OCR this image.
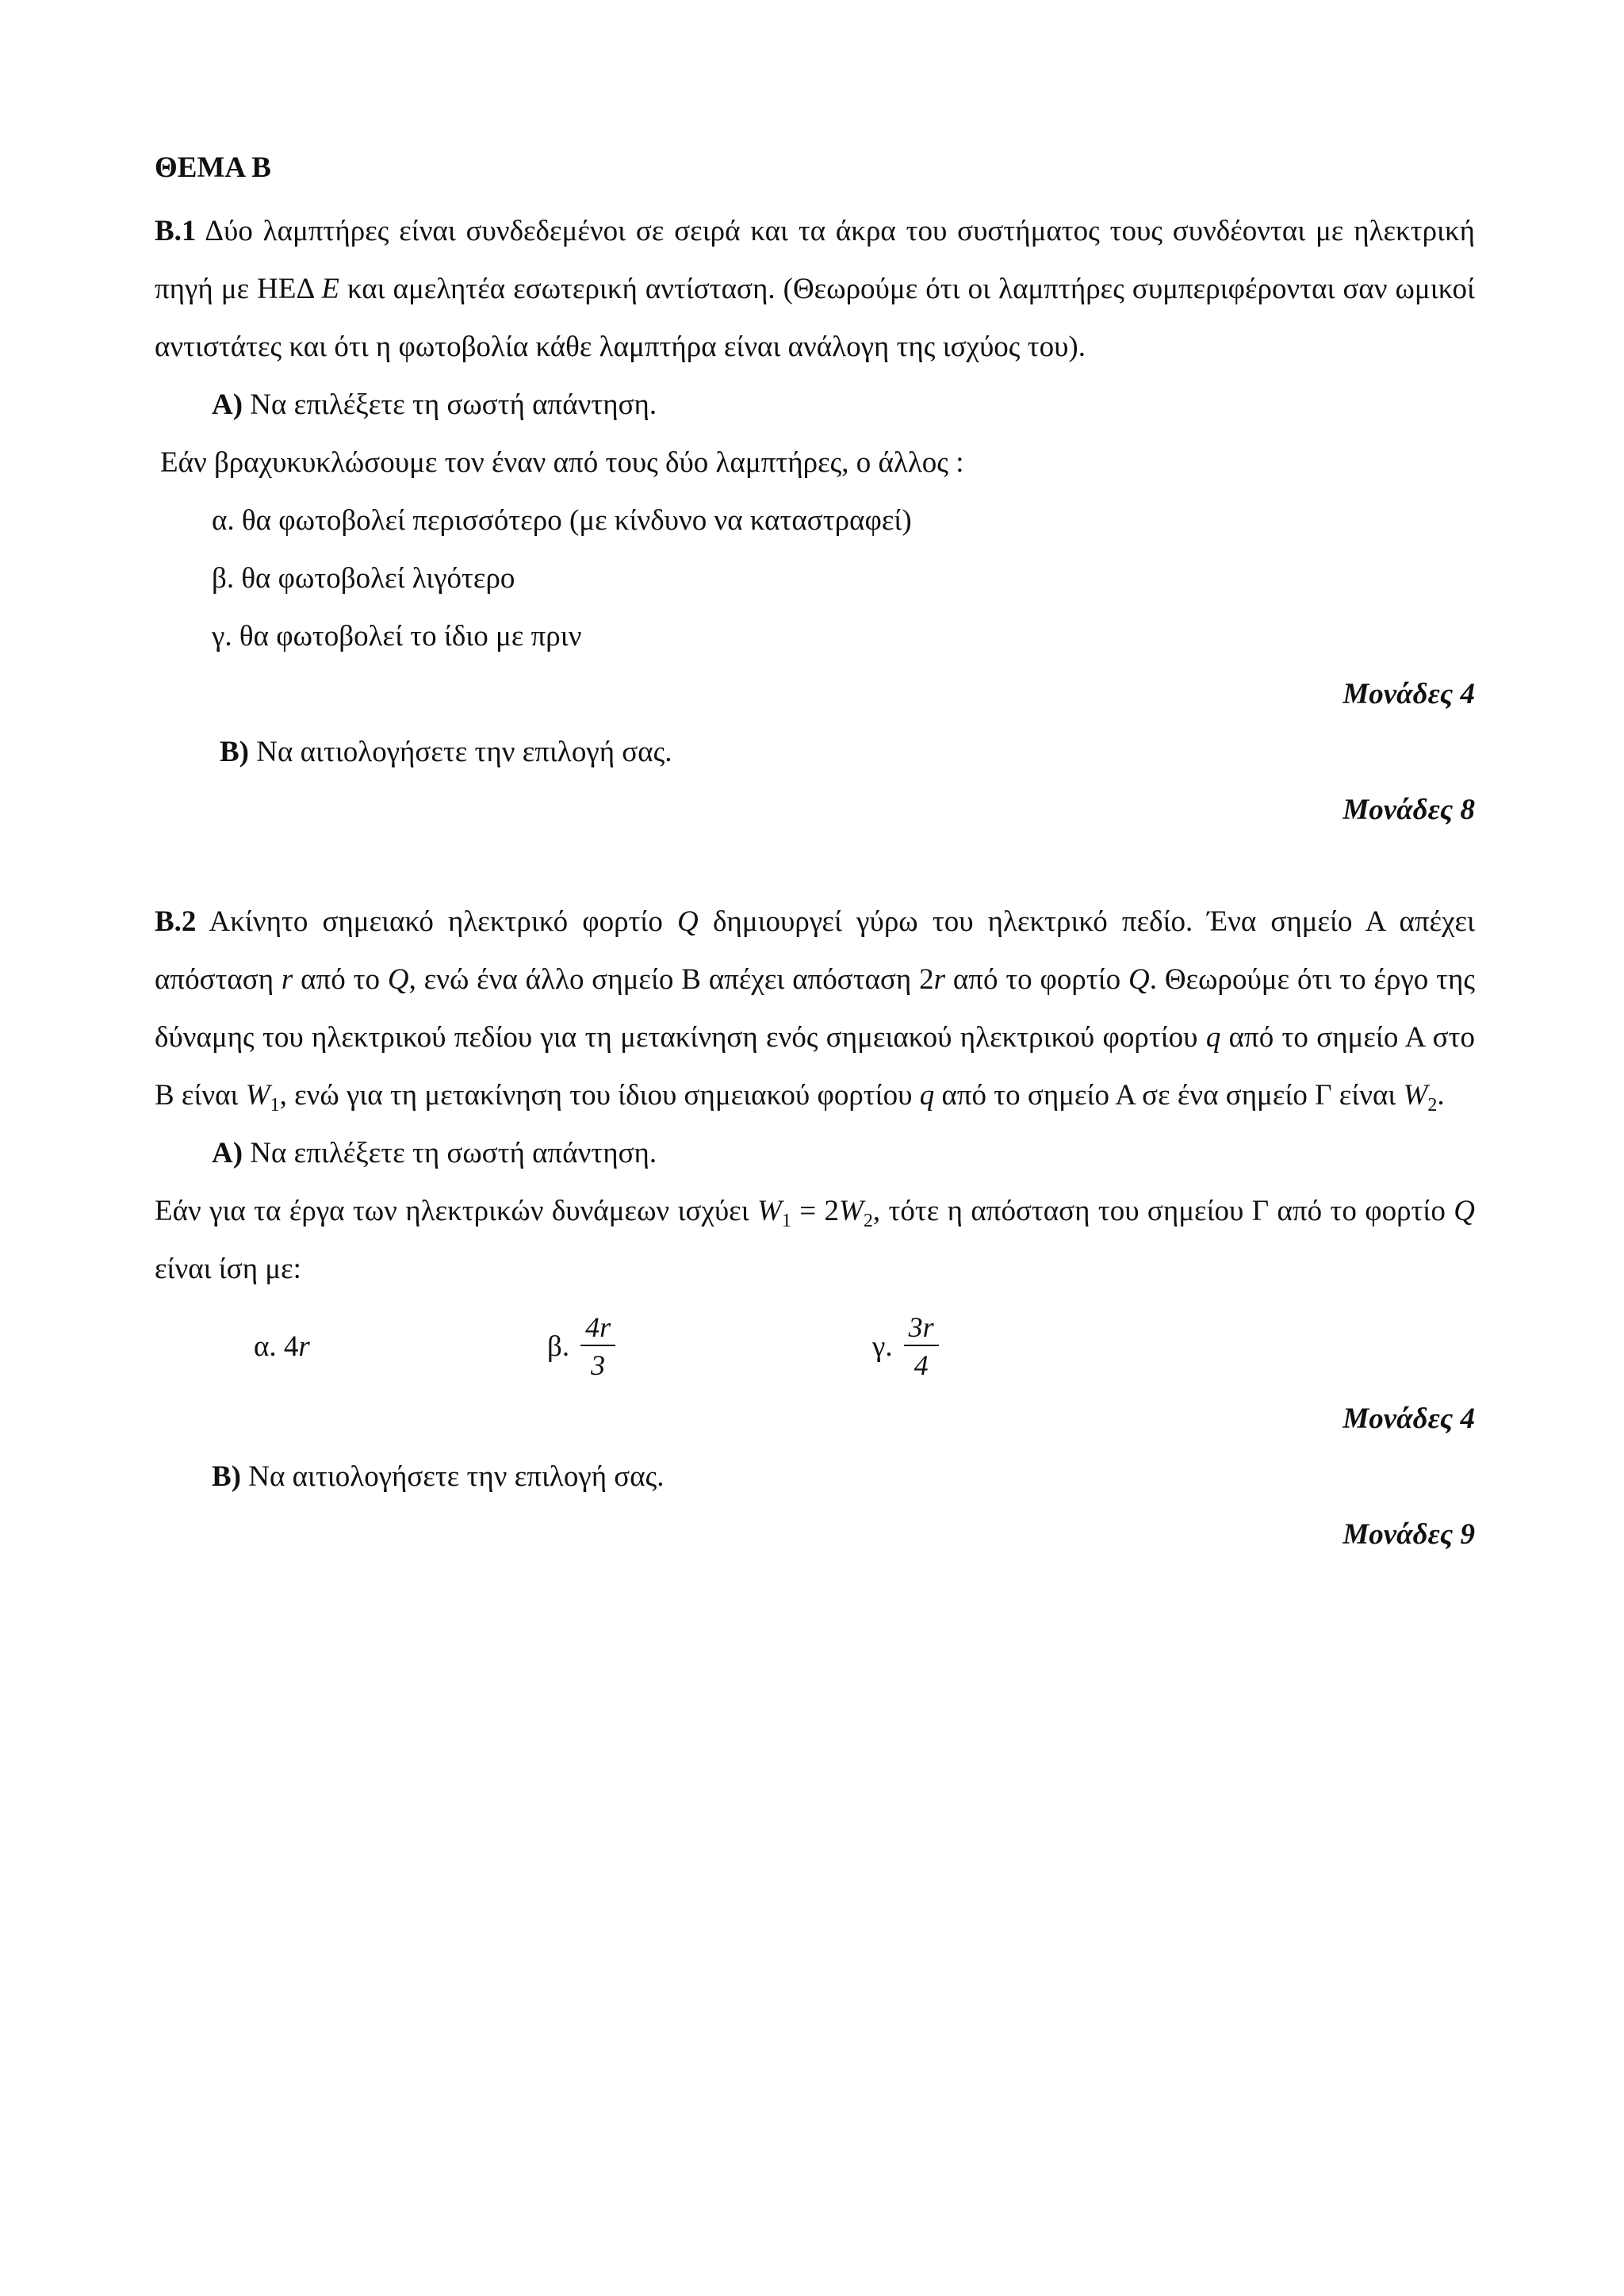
ΘΕΜΑ Β

Β.1 Δύο λαμπτήρες είναι συνδεδεμένοι σε σειρά και τα άκρα του συστήματος τους συνδέονται με ηλεκτρική πηγή με ΗΕΔ Ε και αμελητέα εσωτερική αντίσταση. (Θεωρούμε ότι οι λαμπτήρες συμπεριφέρονται σαν ωμικοί αντιστάτες και ότι η φωτοβολία κάθε λαμπτήρα είναι ανάλογη της ισχύος του).

Α) Να επιλέξετε τη σωστή απάντηση.

Εάν βραχυκυκλώσουμε τον έναν από τους δύο λαμπτήρες, ο άλλος :

α. θα φωτοβολεί περισσότερο (με κίνδυνο να καταστραφεί)

β. θα φωτοβολεί λιγότερο

γ. θα φωτοβολεί το ίδιο με πριν

Μονάδες 4

Β) Να αιτιολογήσετε την επιλογή σας.

Μονάδες 8

Β.2 Ακίνητο σημειακό ηλεκτρικό φορτίο Q δημιουργεί γύρω του ηλεκτρικό πεδίο. Ένα σημείο Α απέχει απόσταση r από το Q, ενώ ένα άλλο σημείο Β απέχει απόσταση 2r από το φορτίο Q. Θεωρούμε ότι το έργο της δύναμης του ηλεκτρικού πεδίου για τη μετακίνηση ενός σημειακού ηλεκτρικού φορτίου q από το σημείο Α στο Β είναι $W_1$, ενώ για τη μετακίνηση του ίδιου σημειακού φορτίου q από το σημείο Α σε ένα σημείο Γ είναι $W_2$.

Α) Να επιλέξετε τη σωστή απάντηση.

Εάν για τα έργα των ηλεκτρικών δυνάμεων ισχύει $W_1 = 2W_2$, τότε η απόσταση του σημείου Γ από το φορτίο Q είναι ίση με:

α. 4 r	β. $\frac{4r}{3}$	γ. $\frac{3r}{4}$

Μονάδες 4

Β) Να αιτιολογήσετε την επιλογή σας.

Μονάδες 9
